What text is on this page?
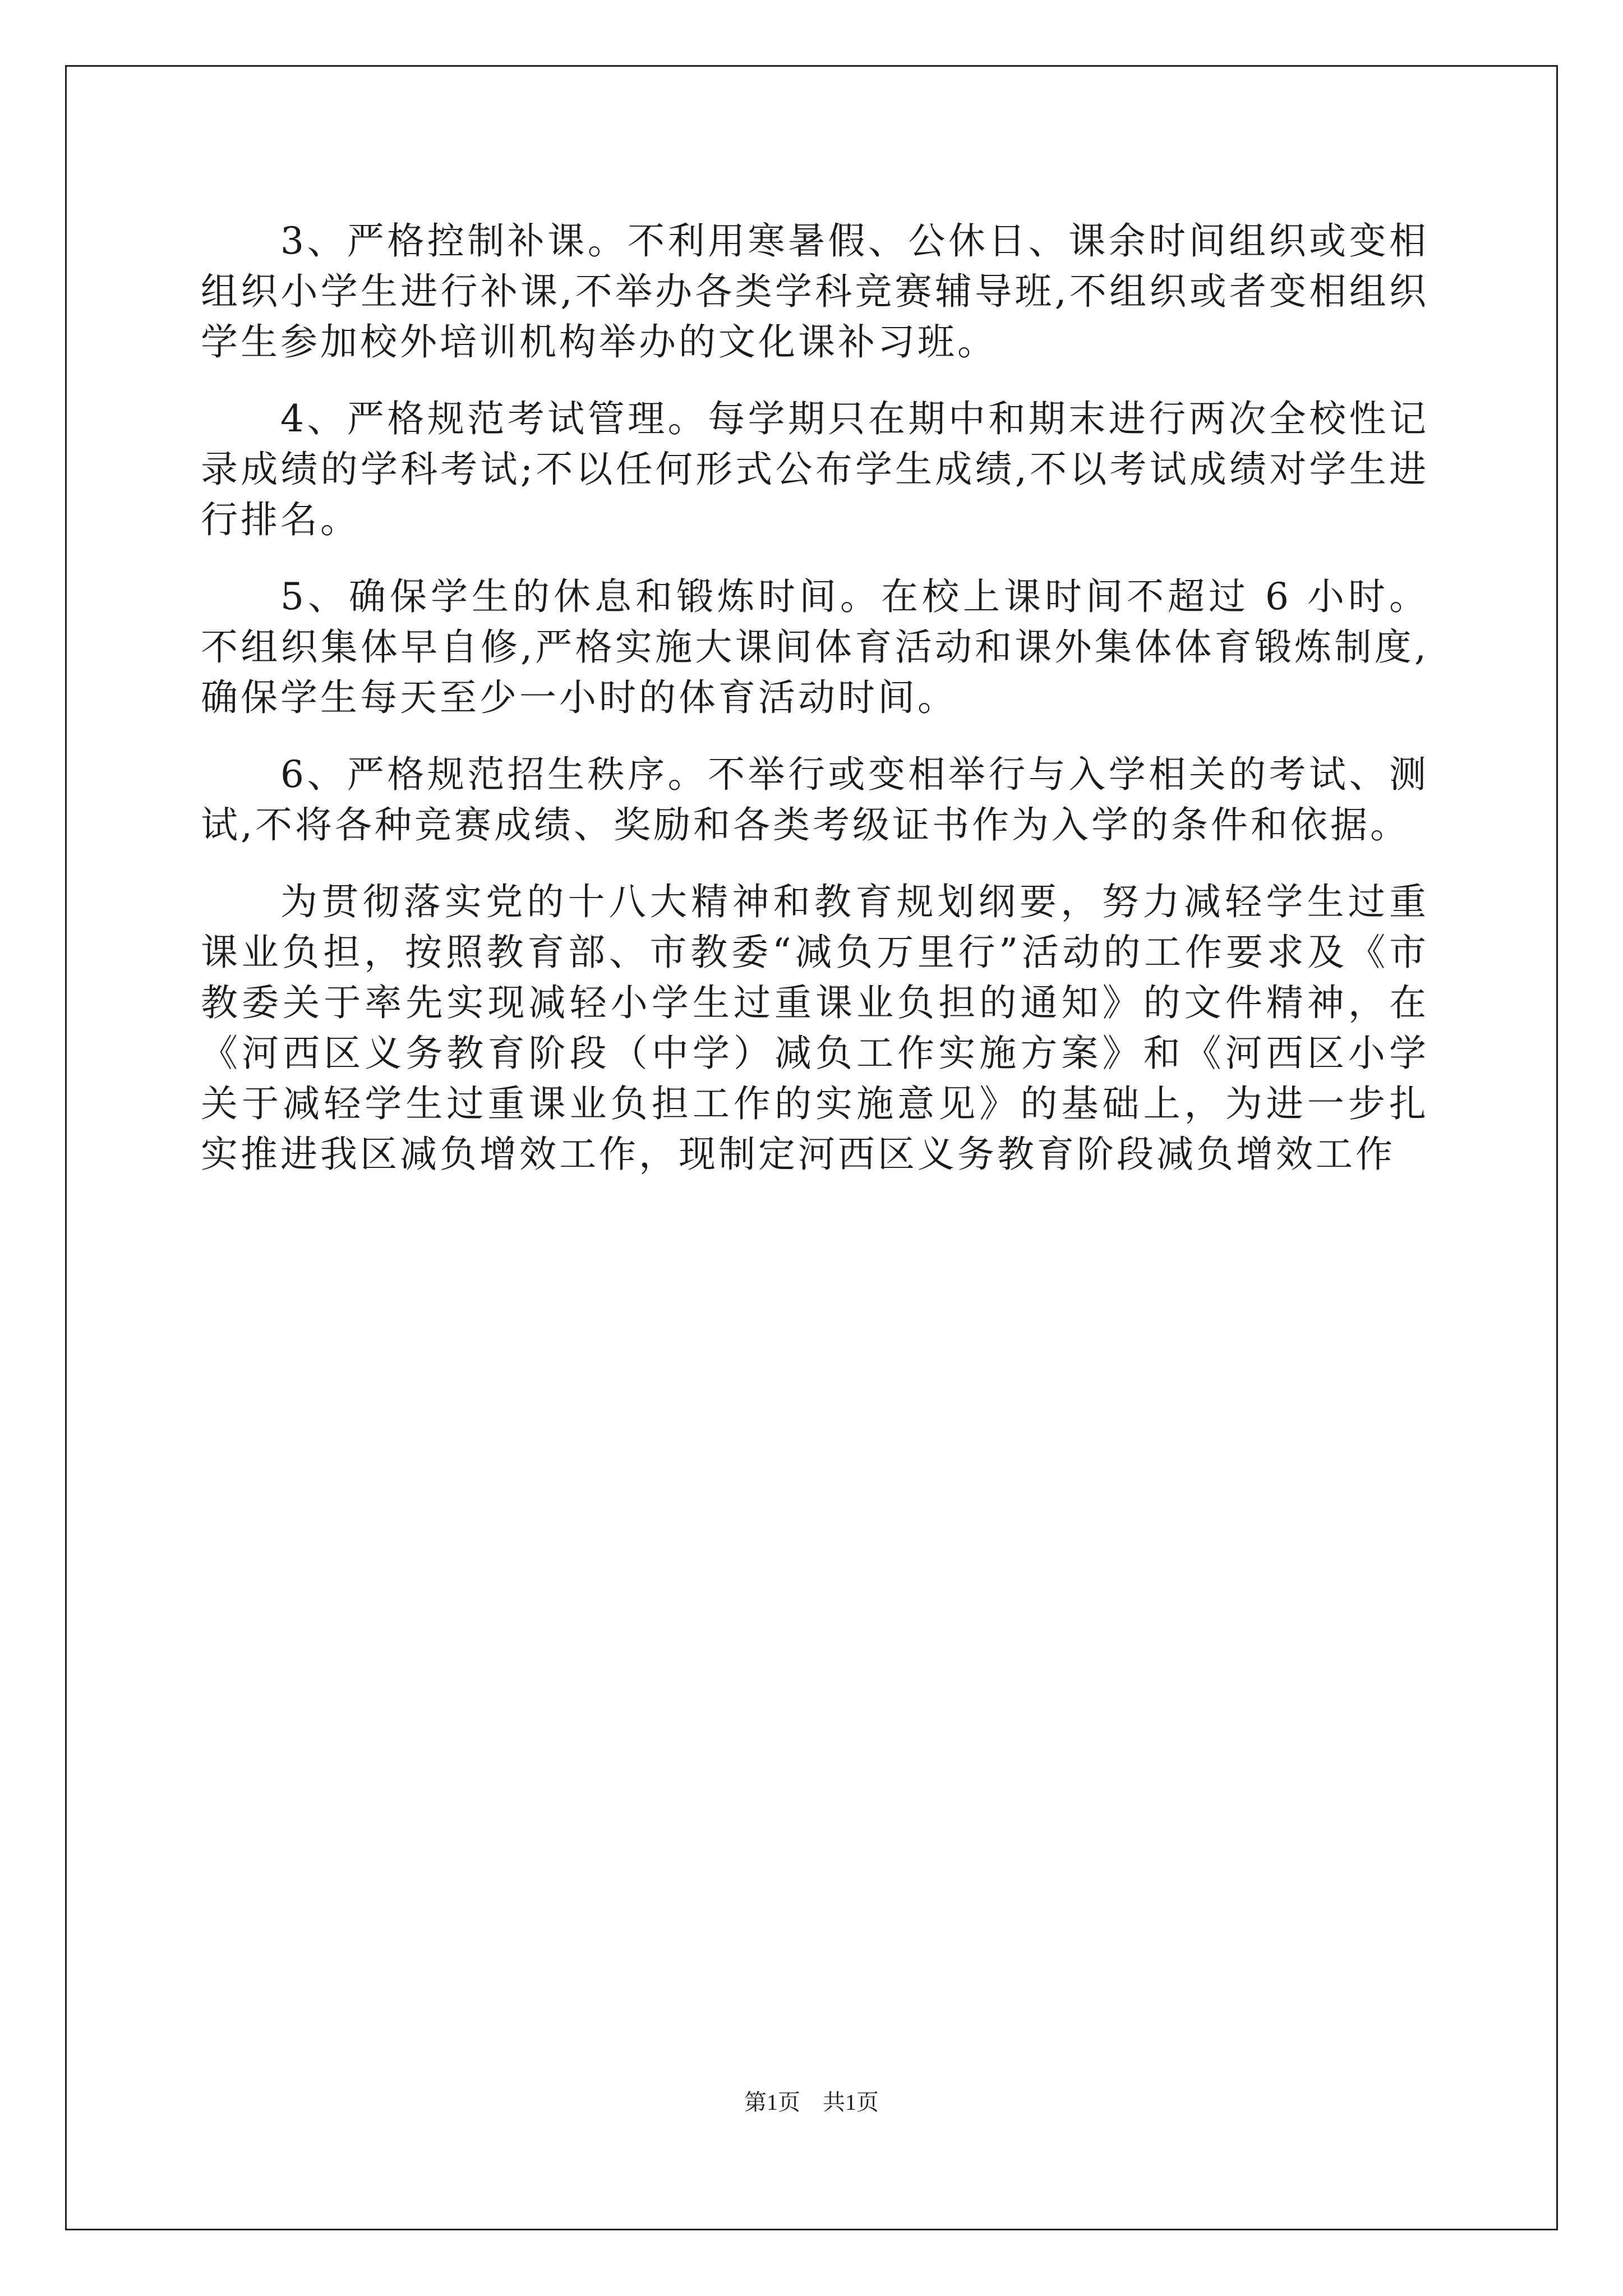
3、严格控制补课。不利用寒暑假、公休日、课余时间组织或变相组织小学生进行补课,不举办各类学科竞赛辅导班,不组织或者变相组织学生参加校外培训机构举办的文化课补习班。

4、严格规范考试管理。每学期只在期中和期末进行两次全校性记录成绩的学科考试;不以任何形式公布学生成绩,不以考试成绩对学生进行排名。

5、确保学生的休息和锻炼时间。在校上课时间不超过 6 小时。不组织集体早自修,严格实施大课间体育活动和课外集体体育锻炼制度,确保学生每天至少一小时的体育活动时间。

6、严格规范招生秩序。不举行或变相举行与入学相关的考试、测试,不将各种竞赛成绩、奖励和各类考级证书作为入学的条件和依据。

为贯彻落实党的十八大精神和教育规划纲要，努力减轻学生过重课业负担，按照教育部、市教委“减负万里行”活动的工作要求及《市教委关于率先实现减轻小学生过重课业负担的通知》的文件精神，在《河西区义务教育阶段（中学）减负工作实施方案》和《河西区小学关于减轻学生过重课业负担工作的实施意见》的基础上，为进一步扎实推进我区减负增效工作，现制定河西区义务教育阶段减负增效工作

第1页 共1页
